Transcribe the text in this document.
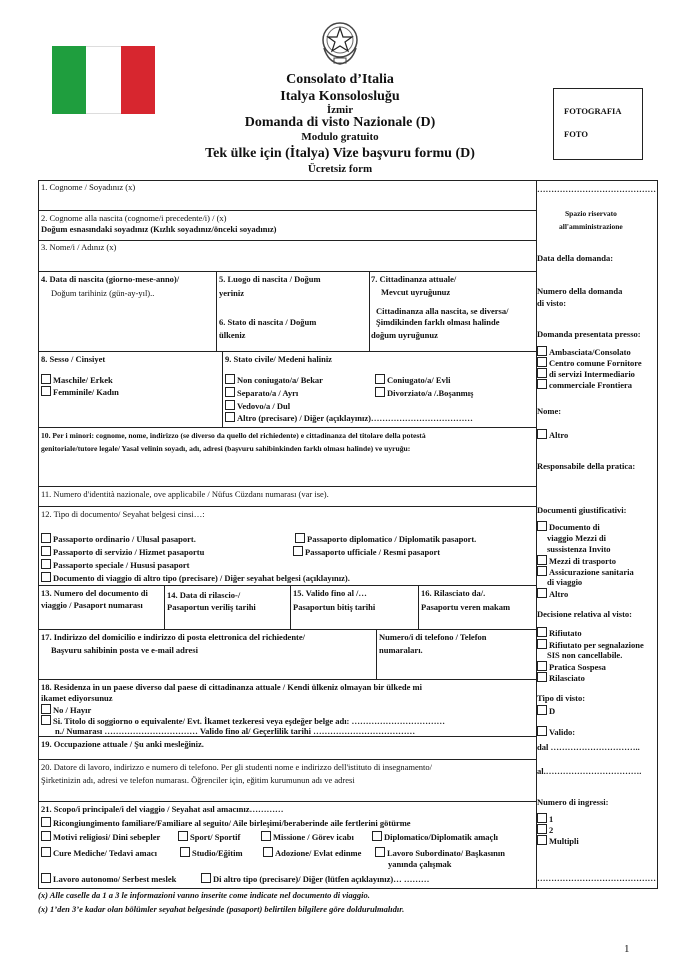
Consolato d’Italia
Italya Konsolosluğu
İzmir
Domanda di visto Nazionale (D)
Modulo gratuito
Tek ülke için (İtalya) Vize başvuru formu (D)
Ücretsiz form
FOTOGRAFIA
FOTO
1. Cognome / Soyadınız (x)
2. Cognome alla nascita (cognome/i precedente/i) / (x)
Doğum esnasındaki soyadınız (Kızlık soyadınız/önceki soyadınız)
3. Nome/i / Adınız (x)
4. Data di nascita (giorno-mese-anno)/
Doğum tarihiniz (gün-ay-yıl)..
5. Luogo di nascita / Doğum
yeriniz
6. Stato di nascita / Doğum
ülkeniz
7. Cittadinanza attuale/
Mevcut uyruğunuz
Cittadinanza alla nascita, se diversa/
Şimdikinden farklı olması halinde
doğum uyruğunuz
8. Sesso / Cinsiyet
Maschile/ Erkek
Femminile/ Kadın
9. Stato civile/ Medeni haliniz
Non coniugato/a/ Bekar	Coniugato/a/ Evli
Separato/a / Ayrı	Divorziato/a /.Boşanmış
Vedovo/a / Dul
Altro (precisare) / Diğer (açıklayınız)………………………………
10. Per i minori: cognome, nome, indirizzo (se diverso da quello del richiedente) e cittadinanza del titolare della potestà
genitoriale/tutore legale/ Yasal velinin soyadı, adı, adresi (başvuru sahibinkinden farklı olması halinde) ve uyruğu:
11. Numero d'identità nazionale, ove applicabile / Nüfus Cüzdanı numarası (var ise).
12. Tipo di documento/ Seyahat belgesi cinsi…:
Passaporto ordinario / Ulusal pasaport.	Passaporto diplomatico / Diplomatik pasaport.
Passaporto di servizio / Hizmet pasaportu	Passaporto ufficiale / Resmi pasaport
Passaporto speciale / Hususi pasaport
Documento di viaggio di altro tipo (precisare) / Diğer seyahat belgesi (açıklayınız).
13. Numero del documento di
viaggio / Pasaport numarası
14. Data di rilascio-/
Pasaportun veriliş tarihi
15. Valido fino al /…
Pasaportun bitiş tarihi
16. Rilasciato da/.
Pasaportu veren makam
17. Indirizzo del domicilio e indirizzo di posta elettronica del richiedente/
Başvuru sahibinin posta ve e-mail adresi
Numero/i di telefono / Telefon
numaraları.
18. Residenza in un paese diverso dal paese di cittadinanza attuale / Kendi ülkeniz olmayan bir ülkede mi
ikamet ediyorsunuz
No / Hayır
Si. Titolo di soggiorno o equivalente/ Evt. İkamet tezkeresi veya eşdeğer belge adı: ……………………………
n./ Numarası …………………………… Valido fino al/ Geçerlilik tarihi ………………………………
19. Occupazione attuale / Şu anki mesleğiniz.
20. Datore di lavoro, indirizzo e numero di telefono. Per gli studenti nome e indirizzo dell'istituto di insegnamento/
Şirketinizin adı, adresi ve telefon numarası. Öğrenciler için, eğitim kurumunun adı ve adresi
21. Scopo/i principale/i del viaggio / Seyahat asıl amacınız…………
Ricongiungimento familiare/Familiare al seguito/ Aile birleşimi/beraberinde aile fertlerini götürme
Motivi religiosi/ Dini sebepler	Sport/ Sportif	Missione / Görev icabı	Diplomatico/Diplomatik amaçlı
Cure Mediche/ Tedavi amacı	Studio/Eğitim	Adozione/ Evlat edinme	Lavoro Subordinato/ Başkasının
yanında çalışmak
Lavoro autonomo/ Serbest meslek	Di altro tipo (precisare)/ Diğer (lütfen açıklayınız)… ………
……………………………………
Spazio riservato
all'amministrazione
Data della domanda:
Numero della domanda
di visto:
Domanda presentata presso:
Ambasciata/Consolato
Centro comune Fornitore
di servizi Intermediario
commerciale Frontiera
Nome:
Altro
Responsabile della pratica:
Documenti giustificativi:
Documento di
viaggio Mezzi di
sussistenza Invito
Mezzi di trasporto
Assicurazione sanitaria
di viaggio
Altro
Decisione relativa al visto:
Rifiutato
Rifiutato per segnalazione
SIS non cancellabile.
Pratica Sospesa
Rilasciato
Tipo di visto:
D
Valido:
dal …………………………..
al.…………………………….
Numero di ingressi:
1
2
Multipli
……………………………………
(x) Alle caselle da 1 a 3 le informazioni vanno inserite come indicate nel documento di viaggio.
(x) 1’den 3’e kadar olan bölümler seyahat belgesinde (pasaport) belirtilen bilgilere göre doldurulmalıdır.
1
